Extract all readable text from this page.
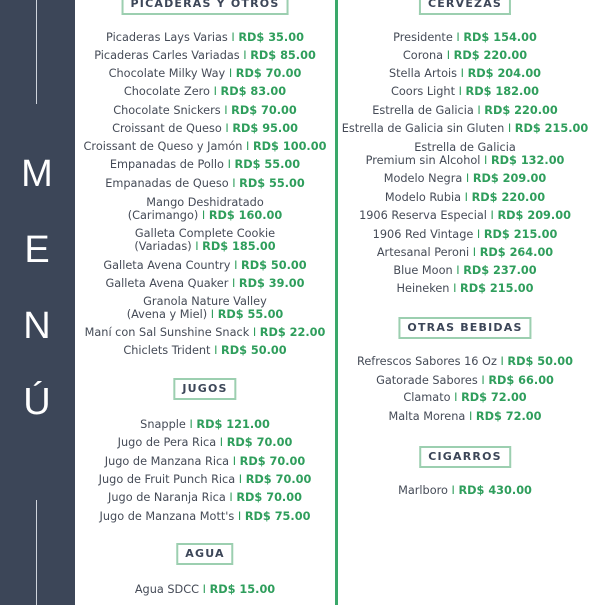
M
E
N
Ú
PICADERAS Y OTROS
Picaderas Lays Varias I RD$ 35.00
Picaderas Carles Variadas I RD$ 85.00
Chocolate Milky Way I RD$ 70.00
Chocolate Zero I RD$ 83.00
Chocolate Snickers I RD$ 70.00
Croissant de Queso I RD$ 95.00
Croissant de Queso y Jamón I RD$ 100.00
Empanadas de Pollo I RD$ 55.00
Empanadas de Queso I RD$ 55.00
Mango Deshidratado
(Carimango) I RD$ 160.00
Galleta Complete Cookie
(Variadas) I RD$ 185.00
Galleta Avena Country I RD$ 50.00
Galleta Avena Quaker I RD$ 39.00
Granola Nature Valley
(Avena y Miel) I RD$ 55.00
Maní con Sal Sunshine Snack I RD$ 22.00
Chiclets Trident I RD$ 50.00
JUGOS
Snapple I RD$ 121.00
Jugo de Pera Rica I RD$ 70.00
Jugo de Manzana Rica I RD$ 70.00
Jugo de Fruit Punch Rica I RD$ 70.00
Jugo de Naranja Rica I RD$ 70.00
Jugo de Manzana Mott's I RD$ 75.00
AGUA
Agua SDCC I RD$ 15.00
CERVEZAS
Presidente I RD$ 154.00
Corona I RD$ 220.00
Stella Artois I RD$ 204.00
Coors Light I RD$ 182.00
Estrella de Galicia I RD$ 220.00
Estrella de Galicia sin Gluten I RD$ 215.00
Estrella de Galicia
Premium sin Alcohol I RD$ 132.00
Modelo Negra I RD$ 209.00
Modelo Rubia I RD$ 220.00
1906 Reserva Especial I RD$ 209.00
1906 Red Vintage I RD$ 215.00
Artesanal Peroni I RD$ 264.00
Blue Moon I RD$ 237.00
Heineken I RD$ 215.00
OTRAS BEBIDAS
Refrescos Sabores 16 Oz I RD$ 50.00
Gatorade Sabores I RD$ 66.00
Clamato I RD$ 72.00
Malta Morena I RD$ 72.00
CIGARROS
Marlboro I RD$ 430.00
